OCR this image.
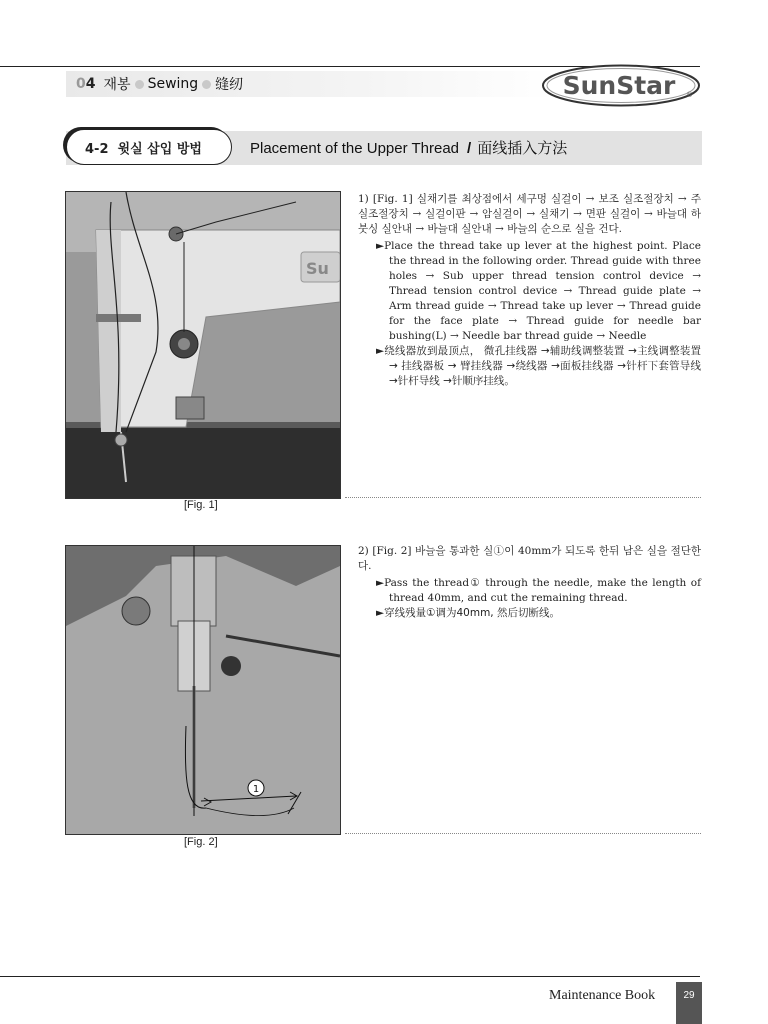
04 재봉 Sewing 缝纫	SunStar ®
4-2  윗실 삽입 방법	Placement of the Upper Thread / 面线插入方法
Su
[Fig. 1]
1) [Fig. 1] 실채기를 최상점에서 세구멍 실걸이 → 보조 실조절장치 → 주 실조절장치 → 실걸이판 → 암실걸이 → 실채기 → 면판 실걸이 → 바늘대 하붓싱 실안내 → 바늘대 실안내 → 바늘의 순으로 실을 건다.
►Place the thread take up lever at the highest point. Place the thread in the following order. Thread guide with three holes → Sub upper thread tension control device → Thread tension control device → Thread guide plate → Arm thread guide → Thread take up lever → Thread guide for the face plate → Thread guide for needle bar bushing(L) → Needle bar thread guide → Needle
►绕线器放到最顶点， 微孔挂线器 →辅助线调整装置 →主线调整装置 → 挂线器板 → 臂挂线器 →绕线器 →面板挂线器 →针杆下套管导线 →针杆导线 →针顺序挂线。
1
[Fig. 2]
2) [Fig. 2] 바늘을 통과한 실①이 40mm가 되도록 한뒤 남은 실을 절단한다.
►Pass the thread① through the needle, make the length of thread 40mm, and cut the remaining thread.
►穿线残量①调为40mm, 然后切断线。
Maintenance Book	29
